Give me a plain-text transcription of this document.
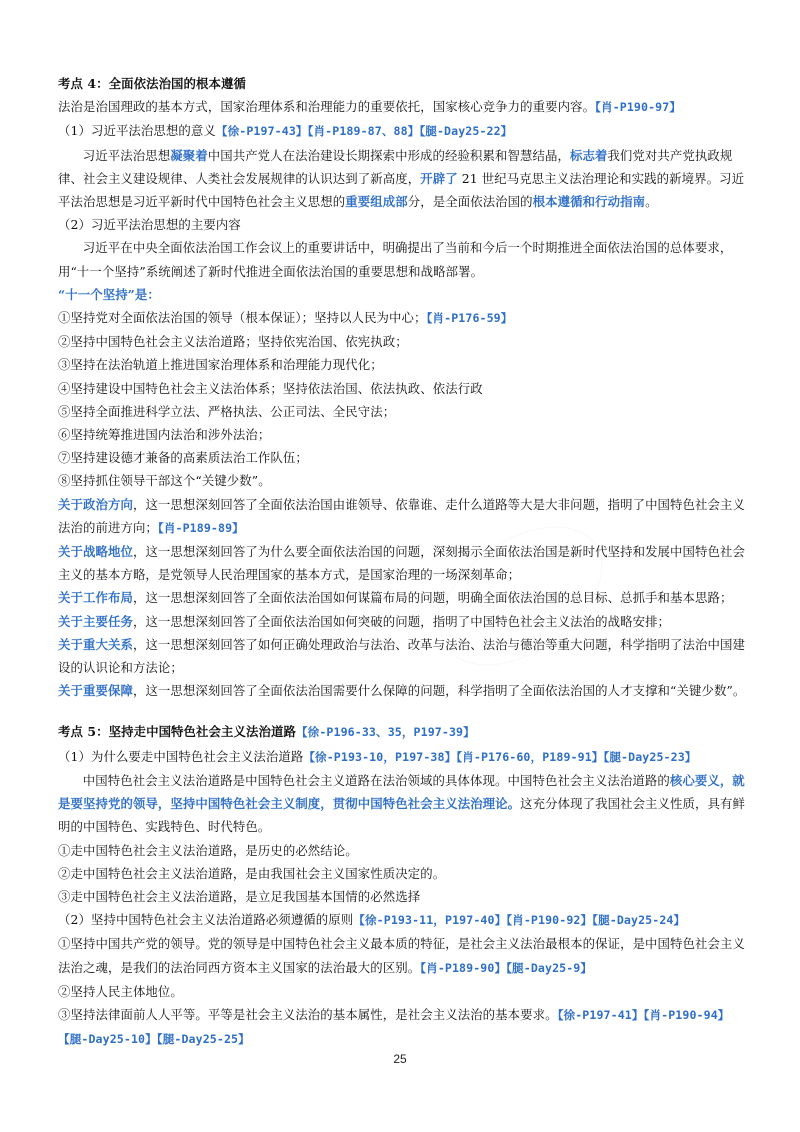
考点 4：全面依法治国的根本遵循

法治是治国理政的基本方式，国家治理体系和治理能力的重要依托，国家核心竞争力的重要内容。【肖-P190-97】

（1）习近平法治思想的意义【徐-P197-43】【肖-P189-87、88】【腿-Day25-22】

习近平法治思想凝聚着中国共产党人在法治建设长期探索中形成的经验积累和智慧结晶，标志着我们党对共产党执政规律、社会主义建设规律、人类社会发展规律的认识达到了新高度，开辟了 21 世纪马克思主义法治理论和实践的新境界。习近平法治思想是习近平新时代中国特色社会主义思想的重要组成部分，是全面依法治国的根本遵循和行动指南。

（2）习近平法治思想的主要内容

习近平在中央全面依法治国工作会议上的重要讲话中，明确提出了当前和今后一个时期推进全面依法治国的总体要求，用“十一个坚持”系统阐述了新时代推进全面依法治国的重要思想和战略部署。

“十一个坚持”是：

①坚持党对全面依法治国的领导（根本保证）；坚持以人民为中心；【肖-P176-59】

②坚持中国特色社会主义法治道路；坚持依宪治国、依宪执政；

③坚持在法治轨道上推进国家治理体系和治理能力现代化；

④坚持建设中国特色社会主义法治体系；坚持依法治国、依法执政、依法行政

⑤坚持全面推进科学立法、严格执法、公正司法、全民守法；

⑥坚持统筹推进国内法治和涉外法治；

⑦坚持建设德才兼备的高素质法治工作队伍；

⑧坚持抓住领导干部这个“关键少数”。

关于政治方向，这一思想深刻回答了全面依法治国由谁领导、依靠谁、走什么道路等大是大非问题，指明了中国特色社会主义法治的前进方向；【肖-P189-89】

关于战略地位，这一思想深刻回答了为什么要全面依法治国的问题，深刻揭示全面依法治国是新时代坚持和发展中国特色社会主义的基本方略，是党领导人民治理国家的基本方式，是国家治理的一场深刻革命；

关于工作布局，这一思想深刻回答了全面依法治国如何谋篇布局的问题，明确全面依法治国的总目标、总抓手和基本思路；

关于主要任务，这一思想深刻回答了全面依法治国如何突破的问题，指明了中国特色社会主义法治的战略安排；

关于重大关系，这一思想深刻回答了如何正确处理政治与法治、改革与法治、法治与德治等重大问题，科学指明了法治中国建设的认识论和方法论；

关于重要保障，这一思想深刻回答了全面依法治国需要什么保障的问题，科学指明了全面依法治国的人才支撑和“关键少数”。

考点 5：坚持走中国特色社会主义法治道路【徐-P196-33、35，P197-39】

（1）为什么要走中国特色社会主义法治道路【徐-P193-10，P197-38】【肖-P176-60，P189-91】【腿-Day25-23】

中国特色社会主义法治道路是中国特色社会主义道路在法治领域的具体体现。中国特色社会主义法治道路的核心要义，就是要坚持党的领导，坚持中国特色社会主义制度，贯彻中国特色社会主义法治理论。这充分体现了我国社会主义性质，具有鲜明的中国特色、实践特色、时代特色。

①走中国特色社会主义法治道路，是历史的必然结论。

②走中国特色社会主义法治道路，是由我国社会主义国家性质决定的。

③走中国特色社会主义法治道路，是立足我国基本国情的必然选择

（2）坚持中国特色社会主义法治道路必须遵循的原则【徐-P193-11，P197-40】【肖-P190-92】【腿-Day25-24】

①坚持中国共产党的领导。党的领导是中国特色社会主义最本质的特征，是社会主义法治最根本的保证，是中国特色社会主义法治之魂，是我们的法治同西方资本主义国家的法治最大的区别。【肖-P189-90】【腿-Day25-9】

②坚持人民主体地位。

③坚持法律面前人人平等。平等是社会主义法治的基本属性，是社会主义法治的基本要求。【徐-P197-41】【肖-P190-94】【腿-Day25-10】【腿-Day25-25】

25
